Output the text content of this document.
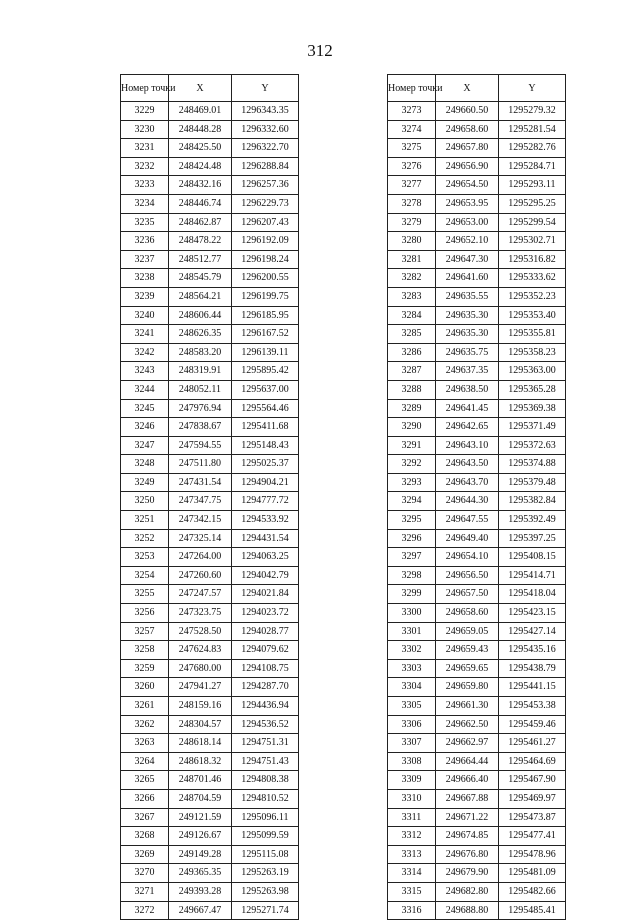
312
Номер точки	X	Y
3229	248469.01	1296343.35
3230	248448.28	1296332.60
3231	248425.50	1296322.70
3232	248424.48	1296288.84
3233	248432.16	1296257.36
3234	248446.74	1296229.73
3235	248462.87	1296207.43
3236	248478.22	1296192.09
3237	248512.77	1296198.24
3238	248545.79	1296200.55
3239	248564.21	1296199.75
3240	248606.44	1296185.95
3241	248626.35	1296167.52
3242	248583.20	1296139.11
3243	248319.91	1295895.42
3244	248052.11	1295637.00
3245	247976.94	1295564.46
3246	247838.67	1295411.68
3247	247594.55	1295148.43
3248	247511.80	1295025.37
3249	247431.54	1294904.21
3250	247347.75	1294777.72
3251	247342.15	1294533.92
3252	247325.14	1294431.54
3253	247264.00	1294063.25
3254	247260.60	1294042.79
3255	247247.57	1294021.84
3256	247323.75	1294023.72
3257	247528.50	1294028.77
3258	247624.83	1294079.62
3259	247680.00	1294108.75
3260	247941.27	1294287.70
3261	248159.16	1294436.94
3262	248304.57	1294536.52
3263	248618.14	1294751.31
3264	248618.32	1294751.43
3265	248701.46	1294808.38
3266	248704.59	1294810.52
3267	249121.59	1295096.11
3268	249126.67	1295099.59
3269	249149.28	1295115.08
3270	249365.35	1295263.19
3271	249393.28	1295263.98
3272	249667.47	1295271.74
Номер точки	X	Y
3273	249660.50	1295279.32
3274	249658.60	1295281.54
3275	249657.80	1295282.76
3276	249656.90	1295284.71
3277	249654.50	1295293.11
3278	249653.95	1295295.25
3279	249653.00	1295299.54
3280	249652.10	1295302.71
3281	249647.30	1295316.82
3282	249641.60	1295333.62
3283	249635.55	1295352.23
3284	249635.30	1295353.40
3285	249635.30	1295355.81
3286	249635.75	1295358.23
3287	249637.35	1295363.00
3288	249638.50	1295365.28
3289	249641.45	1295369.38
3290	249642.65	1295371.49
3291	249643.10	1295372.63
3292	249643.50	1295374.88
3293	249643.70	1295379.48
3294	249644.30	1295382.84
3295	249647.55	1295392.49
3296	249649.40	1295397.25
3297	249654.10	1295408.15
3298	249656.50	1295414.71
3299	249657.50	1295418.04
3300	249658.60	1295423.15
3301	249659.05	1295427.14
3302	249659.43	1295435.16
3303	249659.65	1295438.79
3304	249659.80	1295441.15
3305	249661.30	1295453.38
3306	249662.50	1295459.46
3307	249662.97	1295461.27
3308	249664.44	1295464.69
3309	249666.40	1295467.90
3310	249667.88	1295469.97
3311	249671.22	1295473.87
3312	249674.85	1295477.41
3313	249676.80	1295478.96
3314	249679.90	1295481.09
3315	249682.80	1295482.66
3316	249688.80	1295485.41
